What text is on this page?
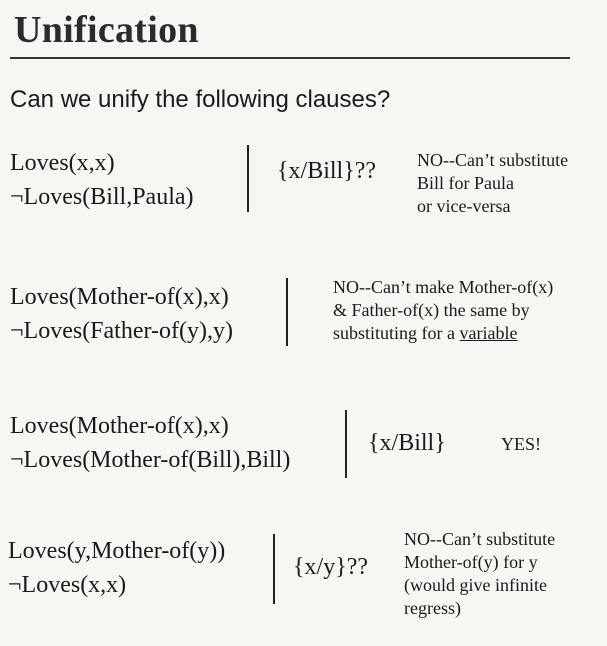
Unification
Can we unify the following clauses?
Loves(x,x)
¬Loves(Bill,Paula)
{x/Bill}?? NO--Can’t substitute
Bill for Paula
or vice-versa
Loves(Mother-of(x),x)
¬Loves(Father-of(y),y)
NO--Can’t make Mother-of(x)
& Father-of(x) the same by
substituting for a variable
Loves(Mother-of(x),x)
¬Loves(Mother-of(Bill),Bill)
{x/Bill}	YES!
Loves(y,Mother-of(y))
¬Loves(x,x)
{x/y}??
NO--Can’t substitute
Mother-of(y) for y
(would give infinite
regress)
